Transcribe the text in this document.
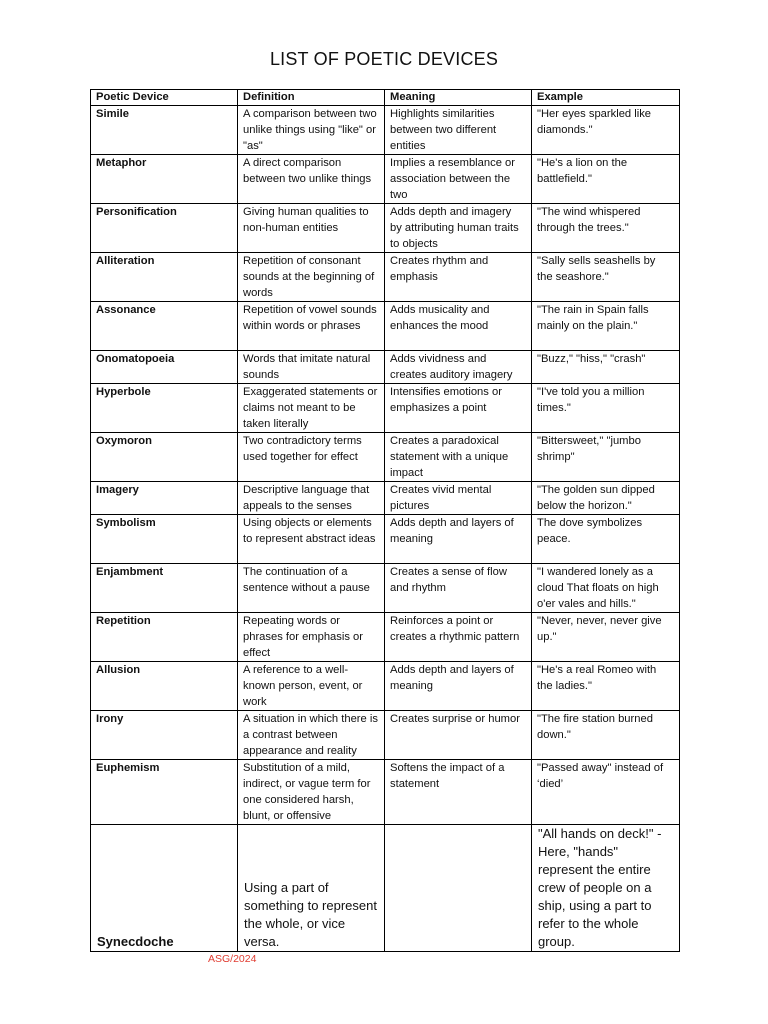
LIST OF POETIC DEVICES
Poetic Device	Definition	Meaning	Example
Simile	A comparison between two unlike things using "like" or "as"	Highlights similarities between two different entities	"Her eyes sparkled like diamonds."
Metaphor	A direct comparison between two unlike things	Implies a resemblance or association between the two	"He's a lion on the battlefield."
Personification	Giving human qualities to non-human entities	Adds depth and imagery by attributing human traits to objects	"The wind whispered through the trees."
Alliteration	Repetition of consonant sounds at the beginning of words	Creates rhythm and emphasis	"Sally sells seashells by the seashore."
Assonance	Repetition of vowel sounds within words or phrases	Adds musicality and enhances the mood	"The rain in Spain falls mainly on the plain."
Onomatopoeia	Words that imitate natural sounds	Adds vividness and creates auditory imagery	"Buzz," "hiss," "crash"
Hyperbole	Exaggerated statements or claims not meant to be taken literally	Intensifies emotions or emphasizes a point	"I've told you a million times."
Oxymoron	Two contradictory terms used together for effect	Creates a paradoxical statement with a unique impact	"Bittersweet," "jumbo shrimp"
Imagery	Descriptive language that appeals to the senses	Creates vivid mental pictures	"The golden sun dipped below the horizon."
Symbolism	Using objects or elements to represent abstract ideas	Adds depth and layers of meaning	The dove symbolizes peace.
Enjambment	The continuation of a sentence without a pause	Creates a sense of flow and rhythm	"I wandered lonely as a cloud That floats on high o'er vales and hills."
Repetition	Repeating words or phrases for emphasis or effect	Reinforces a point or creates a rhythmic pattern	"Never, never, never give up."
Allusion	A reference to a well-known person, event, or work	Adds depth and layers of meaning	"He's a real Romeo with the ladies."
Irony	A situation in which there is a contrast between appearance and reality	Creates surprise or humor	"The fire station burned down."
Euphemism	Substitution of a mild, indirect, or vague term for one considered harsh, blunt, or offensive	Softens the impact of a statement	"Passed away" instead of ‘died’
Synecdoche	Using a part of something to represent the whole, or vice versa.		"All hands on deck!" - Here, "hands" represent the entire crew of people on a ship, using a part to refer to the whole group.
ASG/2024
